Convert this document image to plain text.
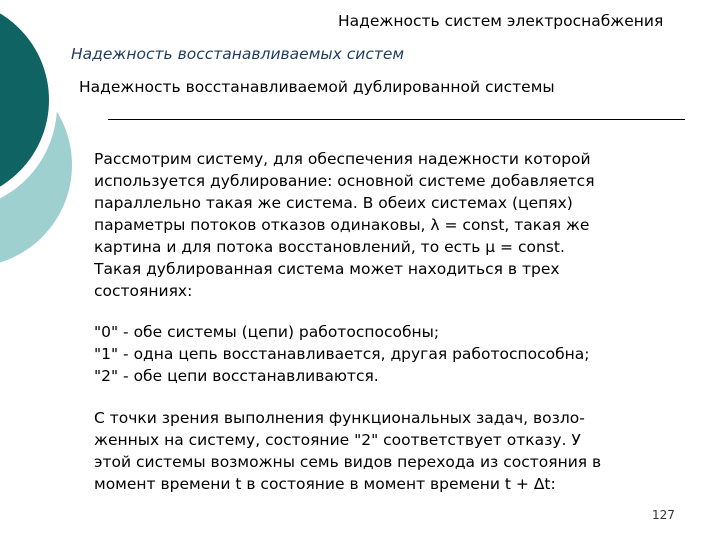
Надежность систем электроснабжения
Надежность восстанавливаемых систем
Надежность восстанавливаемой дублированной системы

Рассмотрим систему, для обеспечения надежности которой

используется дублирование: основной системе добавляется

параллельно такая же система. В обеих системах (цепях)

параметры потоков отказов одинаковы, λ = const, такая же

картина и для потока восстановлений, то есть μ = const.

Такая дублированная система может находиться в трех

состояниях:

"0" - обе системы (цепи) работоспособны;

"1" - одна цепь восстанавливается, другая работоспособна;

"2" - обе цепи восстанавливаются.

С точки зрения выполнения функциональных задач, возло-

женных на систему, состояние "2" соответствует отказу. У

этой системы возможны семь видов перехода из состояния в

момент времени t в состояние в момент времени t + Δt:

127
